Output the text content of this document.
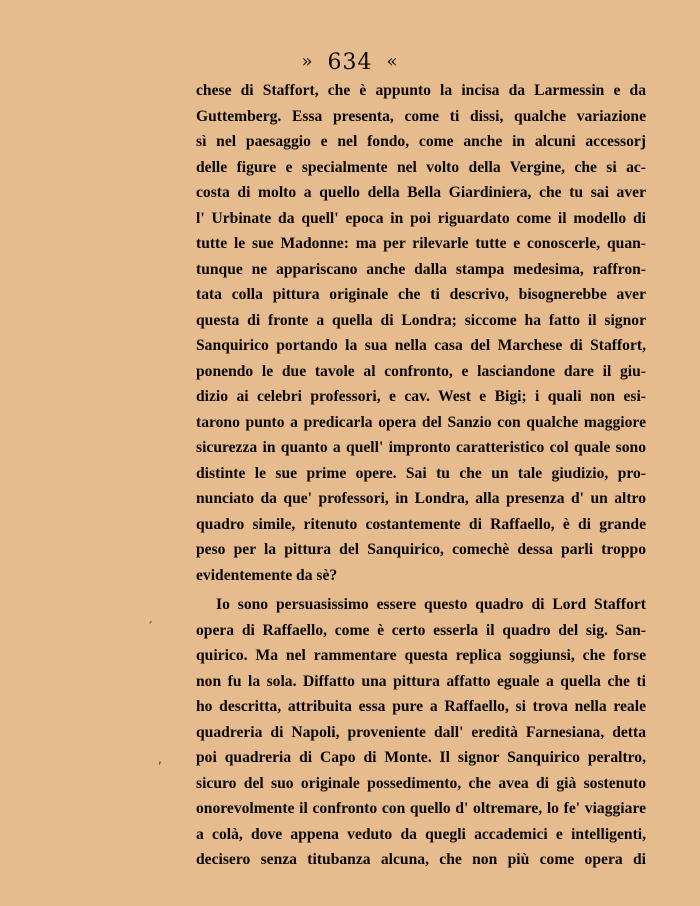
» 634 «
chese di Staffort, che è appunto la incisa da Larmessin e da
Guttemberg. Essa presenta, come ti dissi, qualche variazione
sì nel paesaggio e nel fondo, come anche in alcuni accessorj
delle figure e specialmente nel volto della Vergine, che si ac-
costa di molto a quello della Bella Giardiniera, che tu sai aver
l' Urbinate da quell' epoca in poi riguardato come il modello di
tutte le sue Madonne: ma per rilevarle tutte e conoscerle, quan-
tunque ne appariscano anche dalla stampa medesima, raffron-
tata colla pittura originale che ti descrivo, bisognerebbe aver
questa di fronte a quella di Londra; siccome ha fatto il signor
Sanquirico portando la sua nella casa del Marchese di Staffort,
ponendo le due tavole al confronto, e lasciandone dare il giu-
dizio ai celebri professori, e cav. West e Bigi; i quali non esi-
tarono punto a predicarla opera del Sanzio con qualche maggiore
sicurezza in quanto a quell' impronto caratteristico col quale sono
distinte le sue prime opere. Sai tu che un tale giudizio, pro-
nunciato da que' professori, in Londra, alla presenza d' un altro
quadro simile, ritenuto costantemente di Raffaello, è di grande
peso per la pittura del Sanquirico, comechè dessa parli troppo
evidentemente da sè?
Io sono persuasissimo essere questo quadro di Lord Staffort
opera di Raffaello, come è certo esserla il quadro del sig. San-
quirico. Ma nel rammentare questa replica soggiunsi, che forse
non fu la sola. Diffatto una pittura affatto eguale a quella che ti
ho descritta, attribuita essa pure a Raffaello, si trova nella reale
quadreria di Napoli, proveniente dall' eredità Farnesiana, detta
poi quadreria di Capo di Monte. Il signor Sanquirico peraltro,
sicuro del suo originale possedimento, che avea di già sostenuto
onorevolmente il confronto con quello d' oltremare, lo fe' viaggiare
a colà, dove appena veduto da quegli accademici e intelligenti,
decisero senza titubanza alcuna, che non più come opera di
´
,
